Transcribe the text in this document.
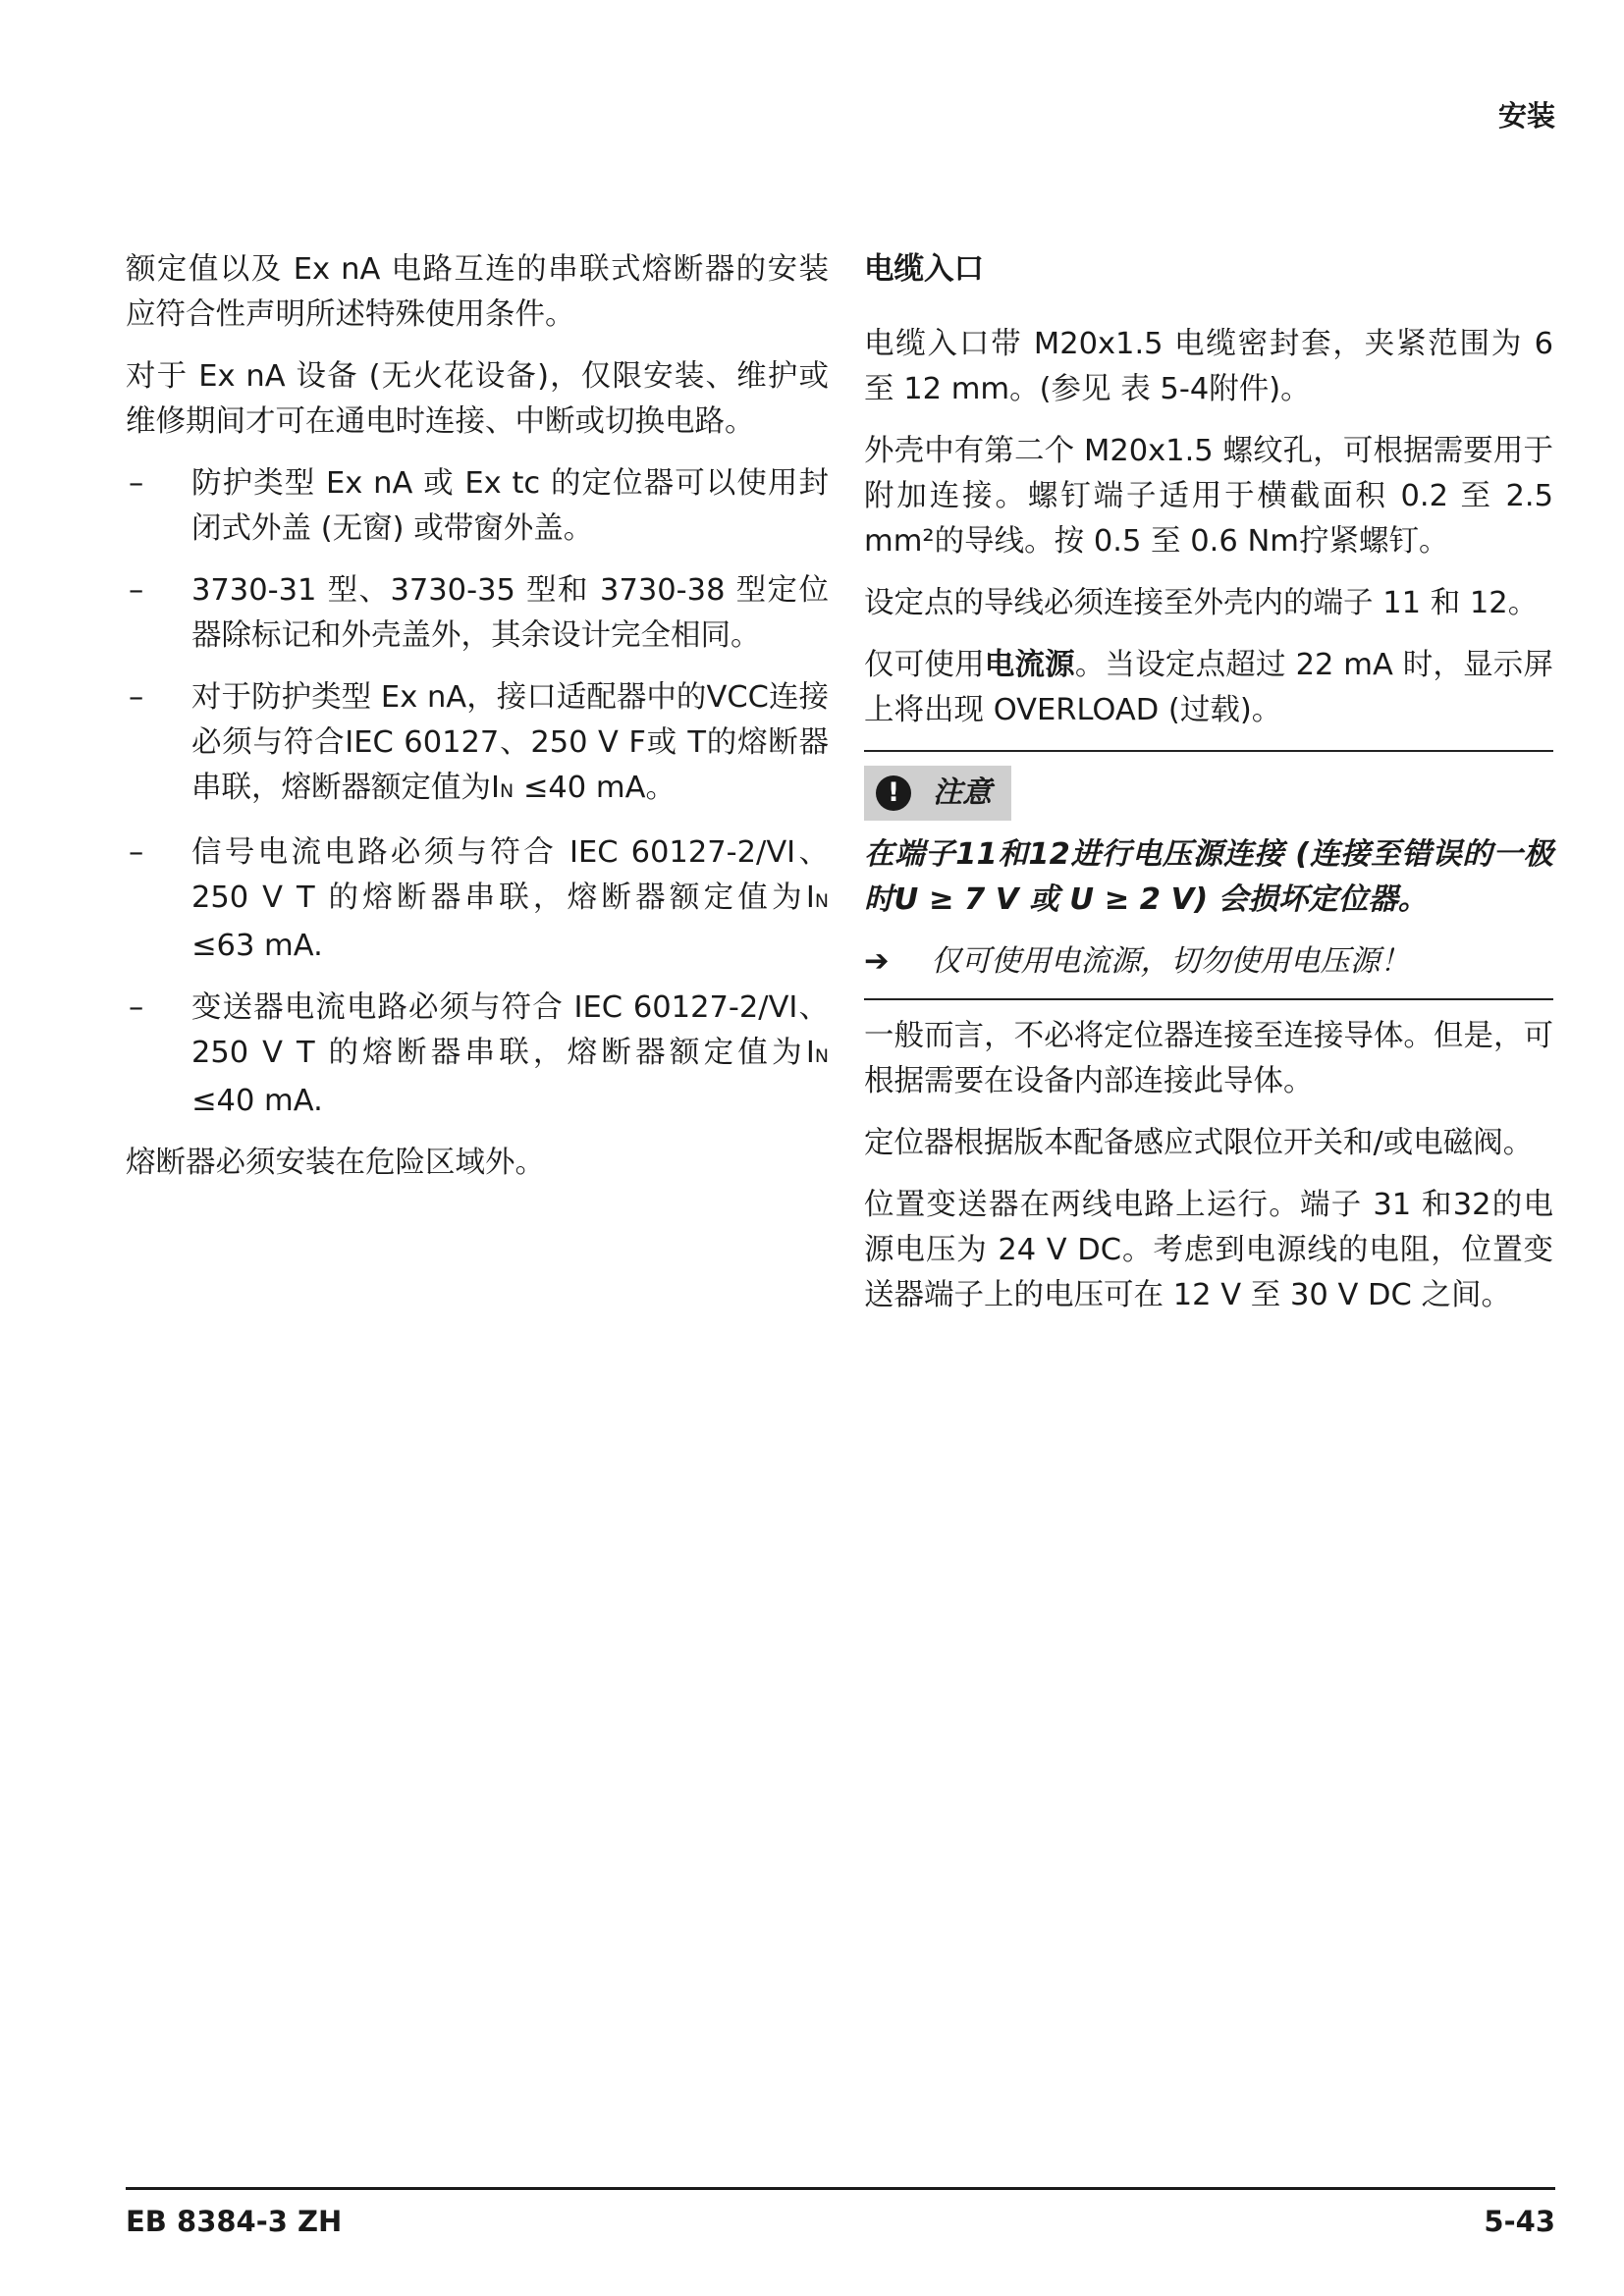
安装

额定值以及 Ex nA 电路互连的串联式熔断器的安装应符合性声明所述特殊使用条件。

对于 Ex nA 设备 (无火花设备)，仅限安装、维护或维修期间才可在通电时连接、中断或切换电路。

– 防护类型 Ex nA 或 Ex tc 的定位器可以使用封闭式外盖 (无窗) 或带窗外盖。
– 3730-31 型、3730-35 型和 3730-38 型定位器除标记和外壳盖外，其余设计完全相同。
– 对于防护类型 Ex nA，接口适配器中的VCC连接必须与符合IEC 60127、250 V F或 T的熔断器串联，熔断器额定值为IN ≤40 mA。
– 信号电流电路必须与符合 IEC 60127-2/VI、250 V T 的熔断器串联，熔断器额定值为IN ≤63 mA.
– 变送器电流电路必须与符合 IEC 60127-2/VI、250 V T 的熔断器串联，熔断器额定值为IN ≤40 mA.

熔断器必须安装在危险区域外。

电缆入口

电缆入口带 M20x1.5 电缆密封套，夹紧范围为 6 至 12 mm。(参见 表 5-4附件)。

外壳中有第二个 M20x1.5 螺纹孔，可根据需要用于附加连接。螺钉端子适用于横截面积 0.2 至 2.5 mm²的导线。按 0.5 至 0.6 Nm拧紧螺钉。

设定点的导线必须连接至外壳内的端子 11 和 12。

仅可使用电流源。当设定点超过 22 mA 时，显示屏上将出现 OVERLOAD (过载)。

!	注意

在端子11和12进行电压源连接 (连接至错误的一极时U ≥ 7 V 或 U ≥ 2 V) 会损坏定位器。

➔	仅可使用电流源，切勿使用电压源！

一般而言，不必将定位器连接至连接导体。但是，可根据需要在设备内部连接此导体。

定位器根据版本配备感应式限位开关和/或电磁阀。

位置变送器在两线电路上运行。端子 31 和32的电源电压为 24 V DC。考虑到电源线的电阻，位置变送器端子上的电压可在 12 V 至 30 V DC 之间。

EB 8384-3 ZH	5-43
